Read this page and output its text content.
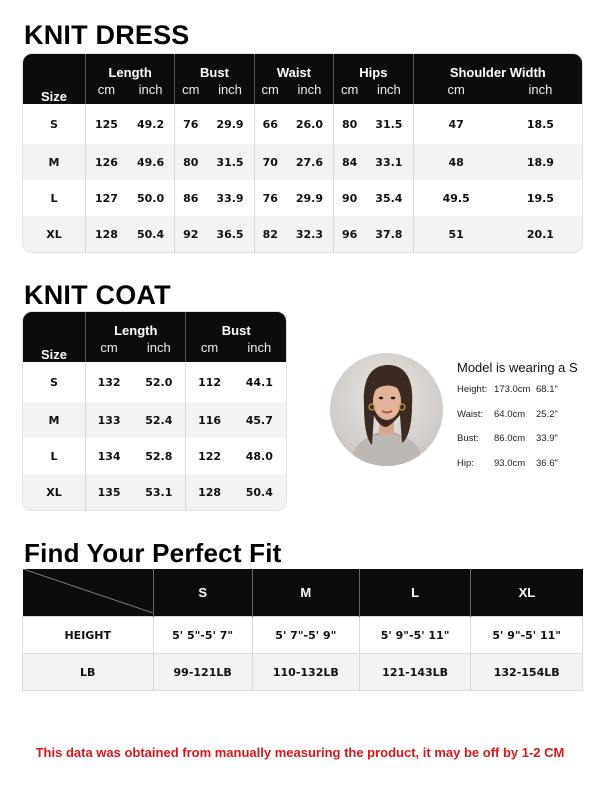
KNIT DRESS
Size	Length		Bust		Waist		Hips		Shoulder Width	
	cm	inch	cm	inch	cm	inch	cm	inch	cm	inch
S	125	49.2	76	29.9	66	26.0	80	31.5	47	18.5
M	126	49.6	80	31.5	70	27.6	84	33.1	48	18.9
L	127	50.0	86	33.9	76	29.9	90	35.4	49.5	19.5
XL	128	50.4	92	36.5	82	32.3	96	37.8	51	20.1
KNIT COAT
Size	Length		Bust	
	cm	inch	cm	inch
S	132	52.0	112	44.1
M	133	52.4	116	45.7
L	134	52.8	122	48.0
XL	135	53.1	128	50.4
Model is wearing a S
Height: 173.0cm 68.1"
Waist:	64.0cm	25.2"
Bust:	86.0cm	33.9"
Hip:	93.0cm	36.6"
Find Your Perfect Fit
	S	M	L	XL
HEIGHT	5' 5"-5' 7"	5' 7"-5' 9"	5' 9"-5' 11"	5' 9"-5' 11"
LB	99-121LB	110-132LB	121-143LB	132-154LB
This data was obtained from manually measuring the product, it may be off by 1-2 CM
